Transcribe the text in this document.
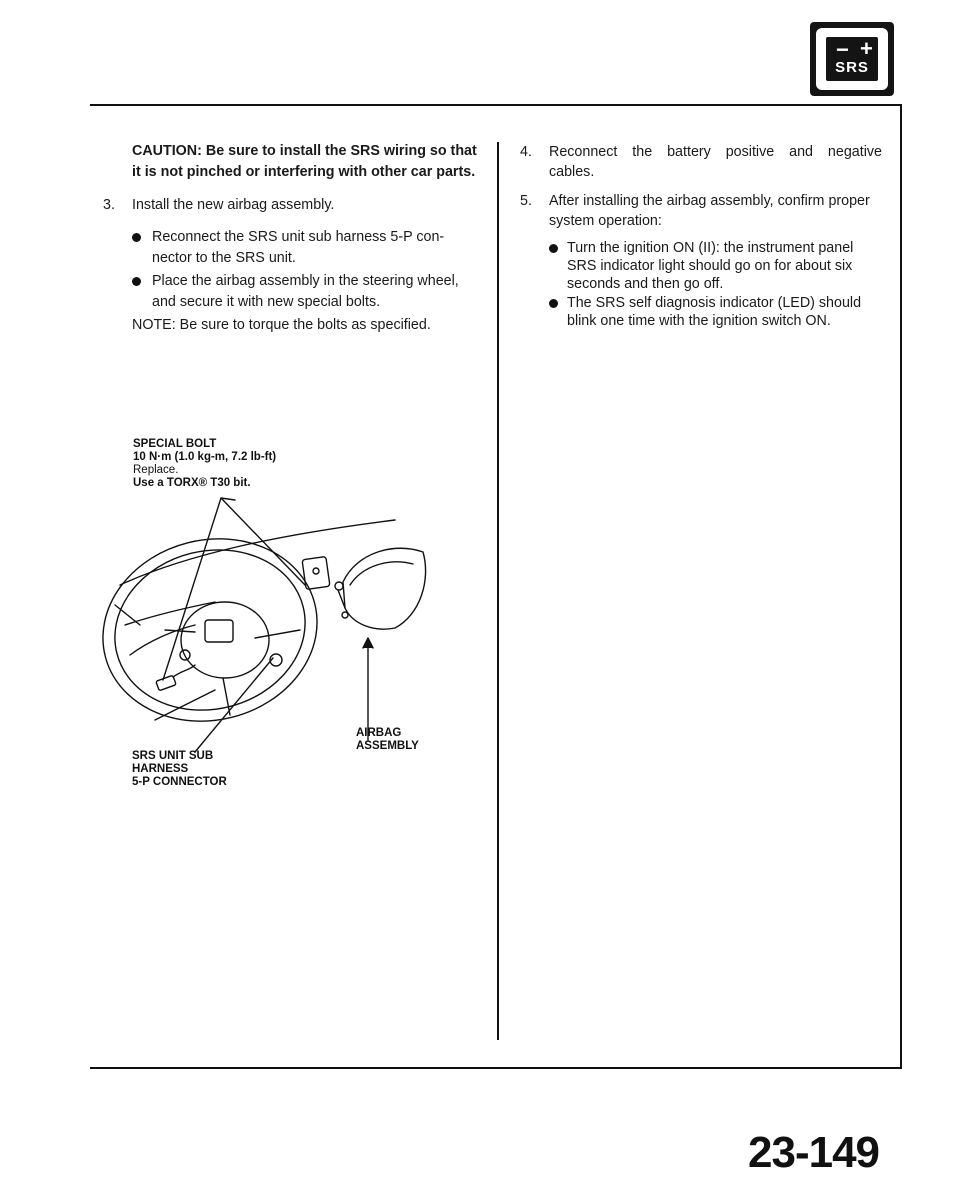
− +
SRS
CAUTION: Be sure to install the SRS wiring so that
it is not pinched or interfering with other car parts.
3. Install the new airbag assembly.
Reconnect the SRS unit sub harness 5-P con-
nector to the SRS unit.
Place the airbag assembly in the steering wheel,
and secure it with new special bolts.
NOTE: Be sure to torque the bolts as specified.
SPECIAL BOLT
10 N·m (1.0 kg-m, 7.2 lb-ft)
Replace.
Use a TORX® T30 bit.
AIRBAG
ASSEMBLY
SRS UNIT SUB
HARNESS
5-P CONNECTOR
4. Reconnect the battery positive and negative
cables.
5. After installing the airbag assembly, confirm proper
system operation:
Turn the ignition ON (II): the instrument panel
SRS indicator light should go on for about six
seconds and then go off.
The SRS self diagnosis indicator (LED) should
blink one time with the ignition switch ON.
23-149
